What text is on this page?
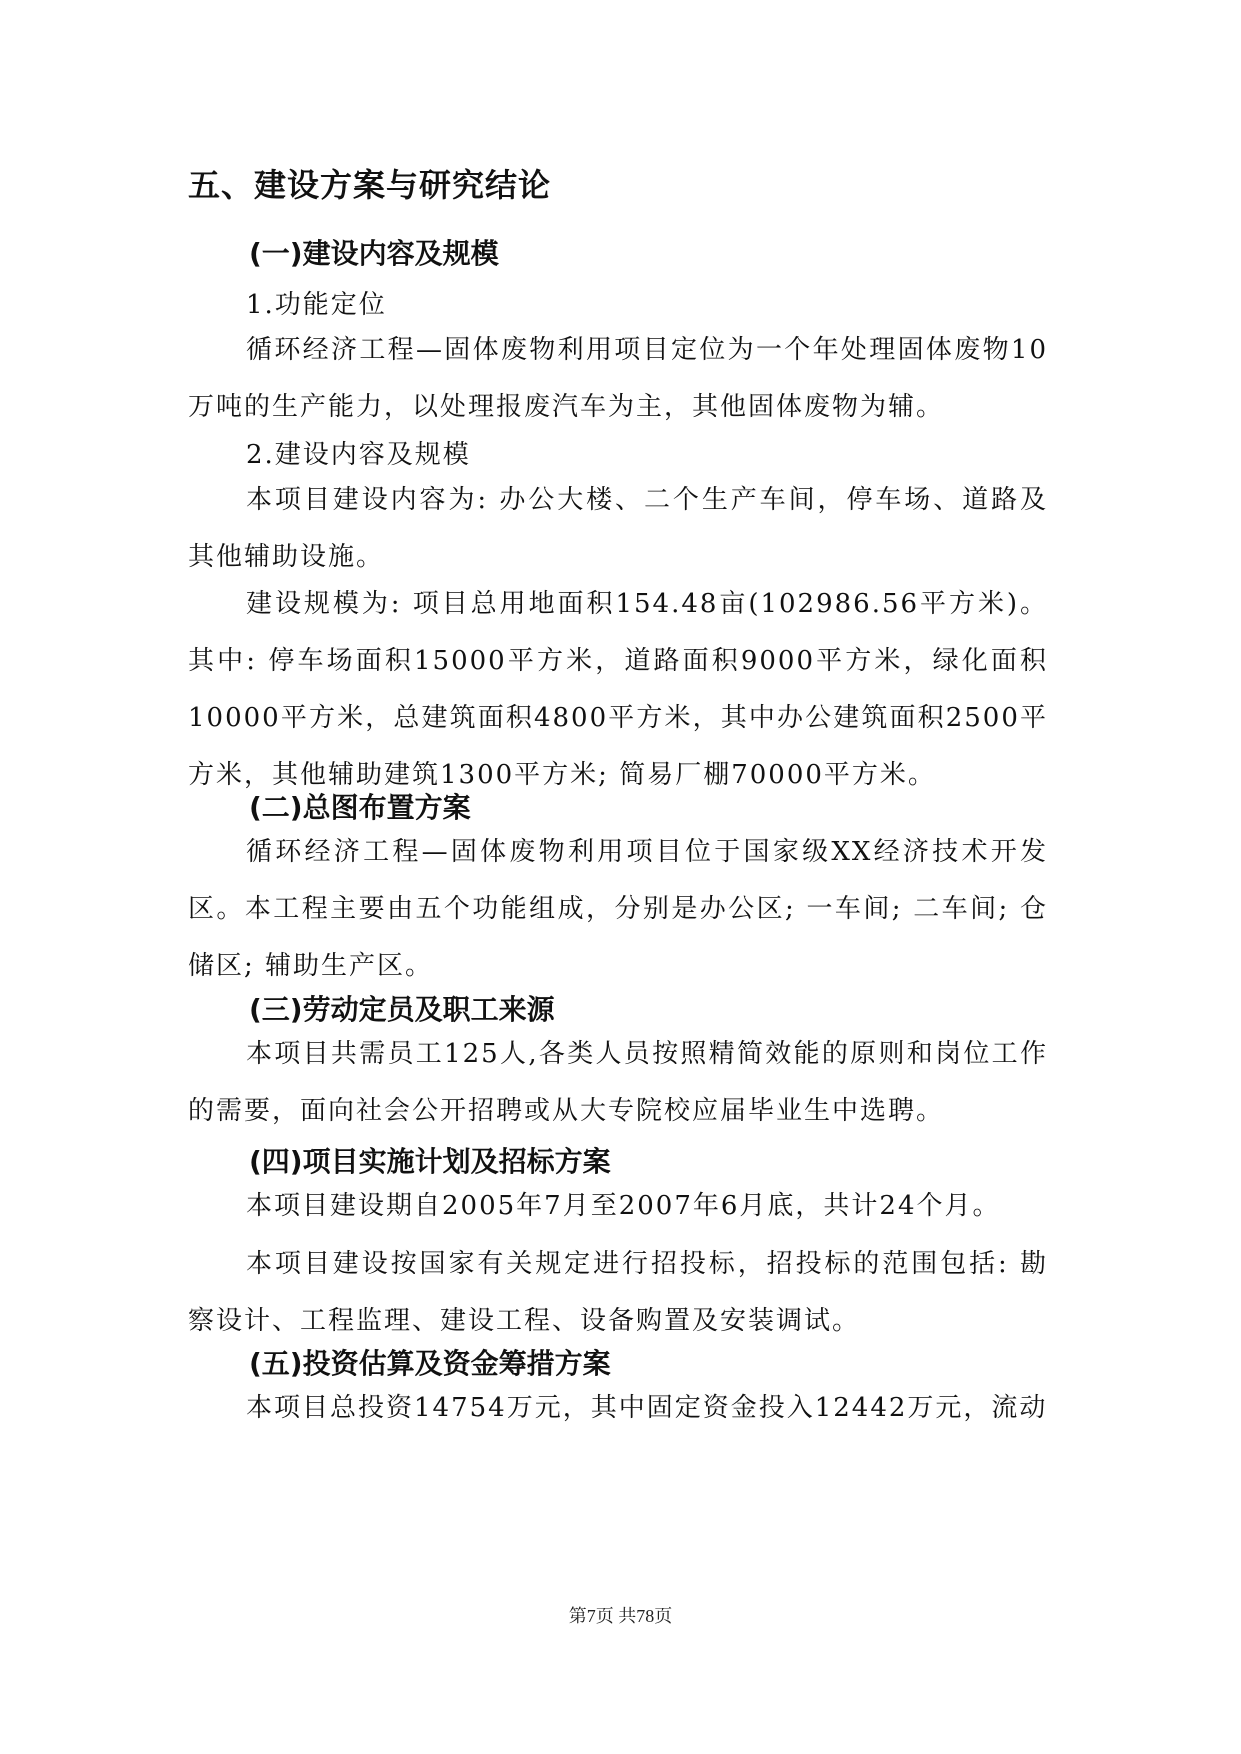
五、建设方案与研究结论
(一)建设内容及规模
1.功能定位

循环经济工程—固体废物利用项目定位为一个年处理固体废物10万吨的生产能力，以处理报废汽车为主，其他固体废物为辅。

2.建设内容及规模

本项目建设内容为: 办公大楼、二个生产车间，停车场、道路及其他辅助设施。

建设规模为: 项目总用地面积154.48亩(102986.56平方米)。其中: 停车场面积15000平方米，道路面积9000平方米，绿化面积10000平方米，总建筑面积4800平方米，其中办公建筑面积2500平方米，其他辅助建筑1300平方米; 简易厂棚70000平方米。

(二)总图布置方案

循环经济工程—固体废物利用项目位于国家级XX经济技术开发区。本工程主要由五个功能组成，分别是办公区; 一车间; 二车间; 仓储区; 辅助生产区。

(三)劳动定员及职工来源

本项目共需员工125人,各类人员按照精简效能的原则和岗位工作的需要，面向社会公开招聘或从大专院校应届毕业生中选聘。

(四)项目实施计划及招标方案

本项目建设期自2005年7月至2007年6月底，共计24个月。

本项目建设按国家有关规定进行招投标，招投标的范围包括: 勘察设计、工程监理、建设工程、设备购置及安装调试。

(五)投资估算及资金筹措方案

本项目总投资14754万元，其中固定资金投入12442万元，流动

第7页 共78页
